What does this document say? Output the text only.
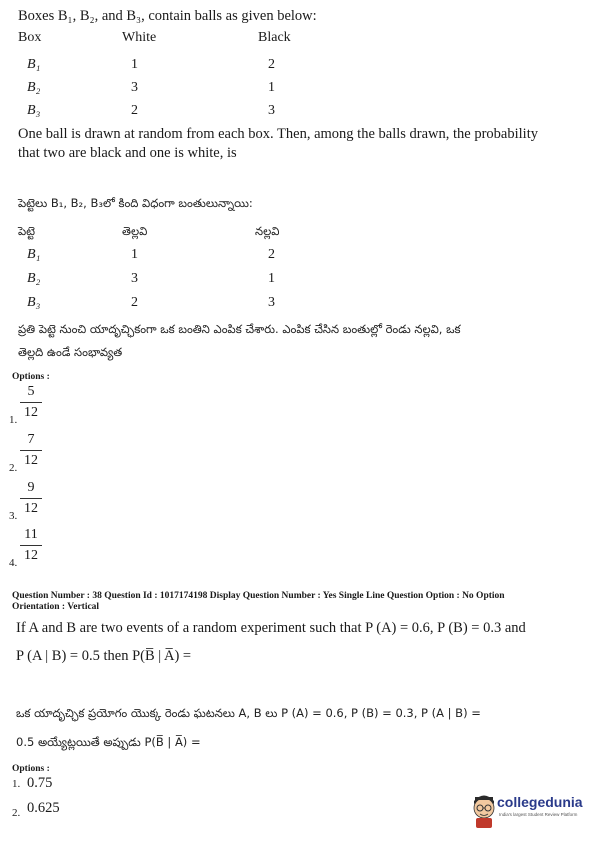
Boxes B₁, B₂, and B₃, contain balls as given below:
Box	White	Black
B₁	1	2
B₂	3	1
B₃	2	3
One ball is drawn at random from each box. Then, among the balls drawn, the probability
that two are black and one is white, is
పెట్టెలు B₁, B₂, B₃లో కింది విధంగా బంతులున్నాయి:
పెట్టె	తెల్లవి	నల్లవి
B₁	1	2
B₂	3	1
B₃	2	3
ప్రతి పెట్టె నుంచి యాదృచ్ఛికంగా ఒక బంతిని ఎంపిక చేశారు. ఎంపిక చేసిన బంతుల్లో రెండు నల్లవి, ఒక
తెల్లది ఉండే సంభావ్యత
Options :
1.
5
12
2.
7
12
3.
9
12
4.
11
12
Question Number : 38 Question Id : 1017174198 Display Question Number : Yes Single Line Question Option : No Option
Orientation : Vertical
If A and B are two events of a random experiment such that P (A) = 0.6, P (B) = 0.3 and
P (A | B) = 0.5 then P(B̅ | A̅) =
ఒక యాదృచ్ఛిక ప్రయోగం యొక్క రెండు ఘటనలు A, B లు P (A) = 0.6, P (B) = 0.3, P (A | B) =
0.5 అయ్యేట్లయితే అప్పుడు P(B̅ | A̅) =
Options :
1. 0.75
2. 0.625	collegedunia
India's largest Student Review Platform
